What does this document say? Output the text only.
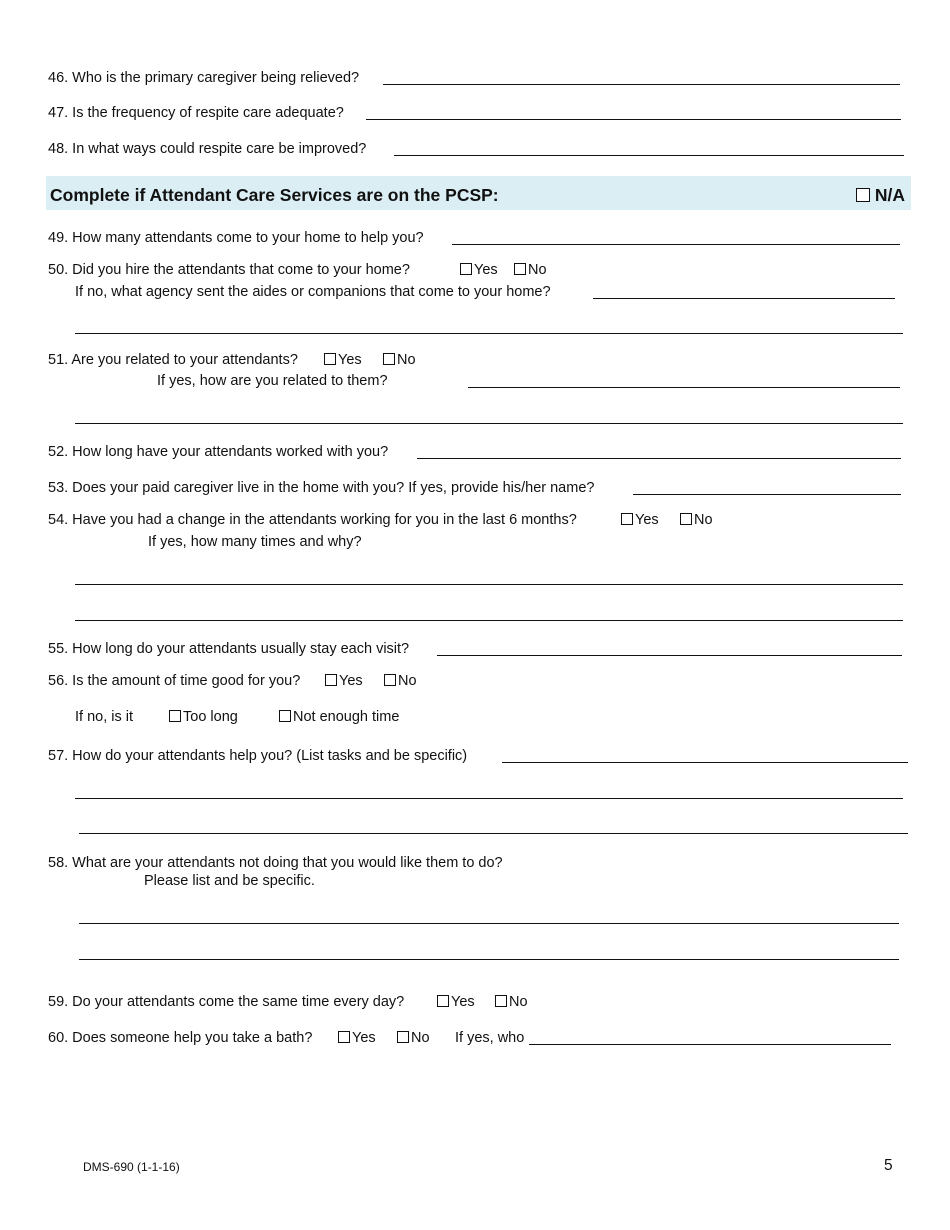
46. Who is the primary caregiver being relieved?
47. Is the frequency of respite care adequate?
48. In what ways could respite care be improved?
Complete if Attendant Care Services are on the PCSP:	N/A
49. How many attendants come to your home to help you?
50. Did you hire the attendants that come to your home?	Yes	No
If no, what agency sent the aides or companions that come to your home?
51. Are you related to your attendants?	Yes	No
If yes, how are you related to them?
52. How long have your attendants worked with you?
53. Does your paid caregiver live in the home with you? If yes, provide his/her name?
54. Have you had a change in the attendants working for you in the last 6 months?	Yes	No
If yes, how many times and why?
55. How long do your attendants usually stay each visit?
56. Is the amount of time good for you?	Yes	No
If no, is it	Too long	Not enough time
57. How do your attendants help you? (List tasks and be specific)
58. What are your attendants not doing that you would like them to do?
Please list and be specific.
59. Do your attendants come the same time every day?	Yes	No
60. Does someone help you take a bath?	Yes	No If yes, who
DMS-690 (1-1-16)	5
